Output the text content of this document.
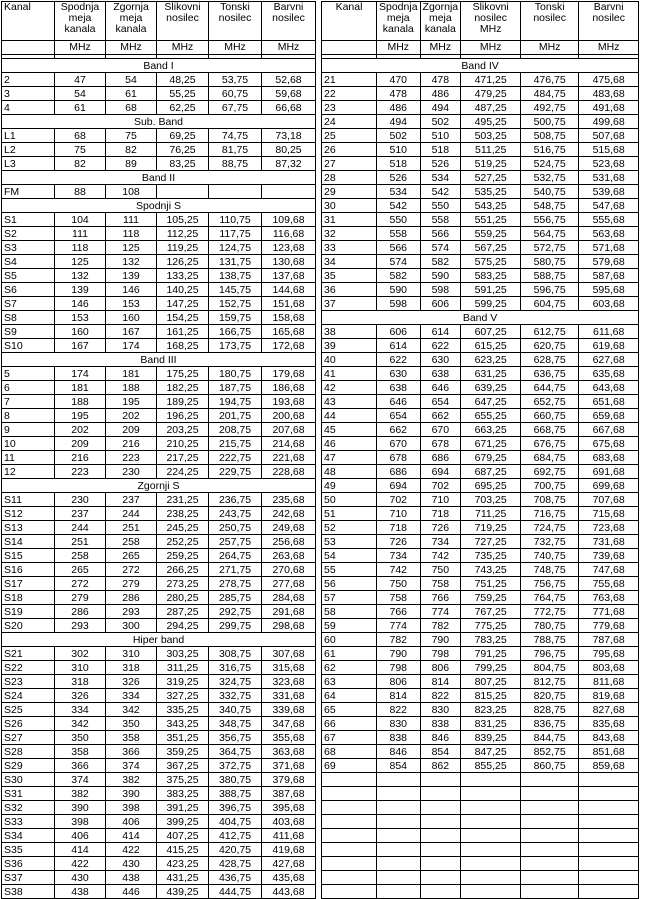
Kanal	Spodnja meja kanala	Zgornja meja kanala	Slikovni nosilec	Tonski nosilec	Barvni nosilec
	MHz	MHz	MHz	MHz	MHz

Band I					
2	47	54	48,25	53,75	52,68
3	54	61	55,25	60,75	59,68
4	61	68	62,25	67,75	66,68
Sub. Band					
L1	68	75	69,25	74,75	73,18
L2	75	82	76,25	81,75	80,25
L3	82	89	83,25	88,75	87,32
Band II					
FM	88	108			
Spodnji S					
S1	104	111	105,25	110,75	109,68
S2	111	118	112,25	117,75	116,68
S3	118	125	119,25	124,75	123,68
S4	125	132	126,25	131,75	130,68
S5	132	139	133,25	138,75	137,68
S6	139	146	140,25	145,75	144,68
S7	146	153	147,25	152,75	151,68
S8	153	160	154,25	159,75	158,68
S9	160	167	161,25	166,75	165,68
S10	167	174	168,25	173,75	172,68
Band III					
5	174	181	175,25	180,75	179,68
6	181	188	182,25	187,75	186,68
7	188	195	189,25	194,75	193,68
8	195	202	196,25	201,75	200,68
9	202	209	203,25	208,75	207,68
10	209	216	210,25	215,75	214,68
11	216	223	217,25	222,75	221,68
12	223	230	224,25	229,75	228,68
Zgornji S					
S11	230	237	231,25	236,75	235,68
S12	237	244	238,25	243,75	242,68
S13	244	251	245,25	250,75	249,68
S14	251	258	252,25	257,75	256,68
S15	258	265	259,25	264,75	263,68
S16	265	272	266,25	271,75	270,68
S17	272	279	273,25	278,75	277,68
S18	279	286	280,25	285,75	284,68
S19	286	293	287,25	292,75	291,68
S20	293	300	294,25	299,75	298,68
Hiper band					
S21	302	310	303,25	308,75	307,68
S22	310	318	311,25	316,75	315,68
S23	318	326	319,25	324,75	323,68
S24	326	334	327,25	332,75	331,68
S25	334	342	335,25	340,75	339,68
S26	342	350	343,25	348,75	347,68
S27	350	358	351,25	356,75	355,68
S28	358	366	359,25	364,75	363,68
S29	366	374	367,25	372,75	371,68
S30	374	382	375,25	380,75	379,68
S31	382	390	383,25	388,75	387,68
S32	390	398	391,25	396,75	395,68
S33	398	406	399,25	404,75	403,68
S34	406	414	407,25	412,75	411,68
S35	414	422	415,25	420,75	419,68
S36	422	430	423,25	428,75	427,68
S37	430	438	431,25	436,75	435,68
S38	438	446	439,25	444,75	443,68
Kanal	Spodnja meja kanala	Zgornja meja kanala	Slikovni nosilec MHz	Tonski nosilec	Barvni nosilec
	MHz	MHz	MHz	MHz	MHz

Band IV					
21	470	478	471,25	476,75	475,68
22	478	486	479,25	484,75	483,68
23	486	494	487,25	492,75	491,68
24	494	502	495,25	500,75	499,68
25	502	510	503,25	508,75	507,68
26	510	518	511,25	516,75	515,68
27	518	526	519,25	524,75	523,68
28	526	534	527,25	532,75	531,68
29	534	542	535,25	540,75	539,68
30	542	550	543,25	548,75	547,68
31	550	558	551,25	556,75	555,68
32	558	566	559,25	564,75	563,68
33	566	574	567,25	572,75	571,68
34	574	582	575,25	580,75	579,68
35	582	590	583,25	588,75	587,68
36	590	598	591,25	596,75	595,68
37	598	606	599,25	604,75	603,68
Band V					
38	606	614	607,25	612,75	611,68
39	614	622	615,25	620,75	619,68
40	622	630	623,25	628,75	627,68
41	630	638	631,25	636,75	635,68
42	638	646	639,25	644,75	643,68
43	646	654	647,25	652,75	651,68
44	654	662	655,25	660,75	659,68
45	662	670	663,25	668,75	667,68
46	670	678	671,25	676,75	675,68
47	678	686	679,25	684,75	683,68
48	686	694	687,25	692,75	691,68
49	694	702	695,25	700,75	699,68
50	702	710	703,25	708,75	707,68
51	710	718	711,25	716,75	715,68
52	718	726	719,25	724,75	723,68
53	726	734	727,25	732,75	731,68
54	734	742	735,25	740,75	739,68
55	742	750	743,25	748,75	747,68
56	750	758	751,25	756,75	755,68
57	758	766	759,25	764,75	763,68
58	766	774	767,25	772,75	771,68
59	774	782	775,25	780,75	779,68
60	782	790	783,25	788,75	787,68
61	790	798	791,25	796,75	795,68
62	798	806	799,25	804,75	803,68
63	806	814	807,25	812,75	811,68
64	814	822	815,25	820,75	819,68
65	822	830	823,25	828,75	827,68
66	830	838	831,25	836,75	835,68
67	838	846	839,25	844,75	843,68
68	846	854	847,25	852,75	851,68
69	854	862	855,25	860,75	859,68
